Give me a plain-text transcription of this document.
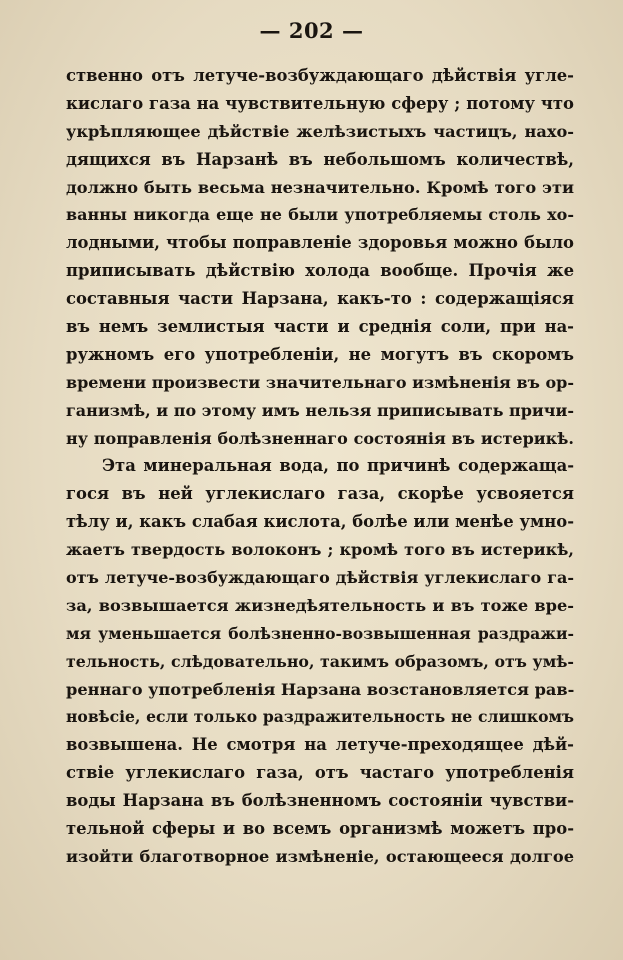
— 202 —
ственно отъ летуче-возбуждающаго дѣйствія угле-
кислаго газа на чувствительную сферу ; потому что
укрѣпляющее дѣйствіе желѣзистыхъ частицъ, нахо-
дящихся въ Нарзанѣ въ небольшомъ количествѣ,
должно быть весьма незначительно. Кромѣ того эти
ванны никогда еще не были употребляемы столь хо-
лодными, чтобы поправленіе здоровья можно было
приписывать дѣйствію холода вообще. Прочія же
составныя части Нарзана, какъ-то : содержащіяся
въ немъ землистыя части и среднія соли, при на-
ружномъ его употребленіи, не могутъ въ скоромъ
времени произвести значительнаго измѣненія въ ор-
ганизмѣ, и по этому имъ нельзя приписывать причи-
ну поправленія болѣзненнаго состоянія въ истерикѣ.
Эта минеральная вода, по причинѣ содержаща-
гося въ ней углекислаго газа, скорѣе усвояется
тѣлу и, какъ слабая кислота, болѣе или менѣе умно-
жаетъ твердость волоконъ ; кромѣ того въ истерикѣ,
отъ летуче-возбуждающаго дѣйствія углекислаго га-
за, возвышается жизнедѣятельность и въ тоже вре-
мя уменьшается болѣзненно-возвышенная раздражи-
тельность, слѣдовательно, такимъ образомъ, отъ умѣ-
реннаго употребленія Нарзана возстановляется рав-
новѣсіе, если только раздражительность не слишкомъ
возвышена. Не смотря на летуче-преходящее дѣй-
ствіе углекислаго газа, отъ частаго употребленія
воды Нарзана въ болѣзненномъ состояніи чувстви-
тельной сферы и во всемъ организмѣ можетъ про-
изойти благотворное измѣненіе, остающееся долгое
